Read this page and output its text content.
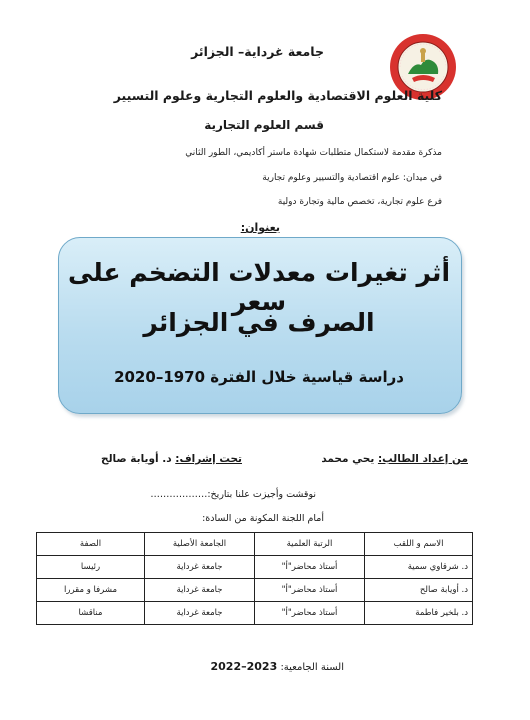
جامعة غرداية– الجزائر
كلية العلوم الاقتصادية والعلوم التجارية وعلوم التسيير
قسم العلوم التجارية
مذكرة مقدمة لاستكمال متطلبات شهادة ماستر أكاديمي، الطور الثاني
في ميدان: علوم اقتصادية والتسيير وعلوم تجارية
فرع علوم تجارية، تخصص مالية وتجارة دولية
بعنوان:
أثر تغيرات معدلات التضخم على سعر
الصرف في الجزائر
دراسة قياسية خلال الفترة 1970–2020
من إعداد الطالب: يحي محمد
تحت إشراف: د. أويابة صالح
نوقشت وأجيزت علنا بتاريخ:………………
أمام اللجنة المكونة من السادة:
الاسم و اللقب	الرتبة العلمية	الجامعة الأصلية	الصفة
د. شرقاوي سمية	أستاذ محاضر"أ"	جامعة غرداية	رئيسا
د. أويابة صالح	أستاذ محاضر"أ"	جامعة غرداية	مشرفا و مقررا
د. بلخير فاطمة	أستاذ محاضر"أ"	جامعة غرداية	مناقشا
السنة الجامعية: 2023–2022
